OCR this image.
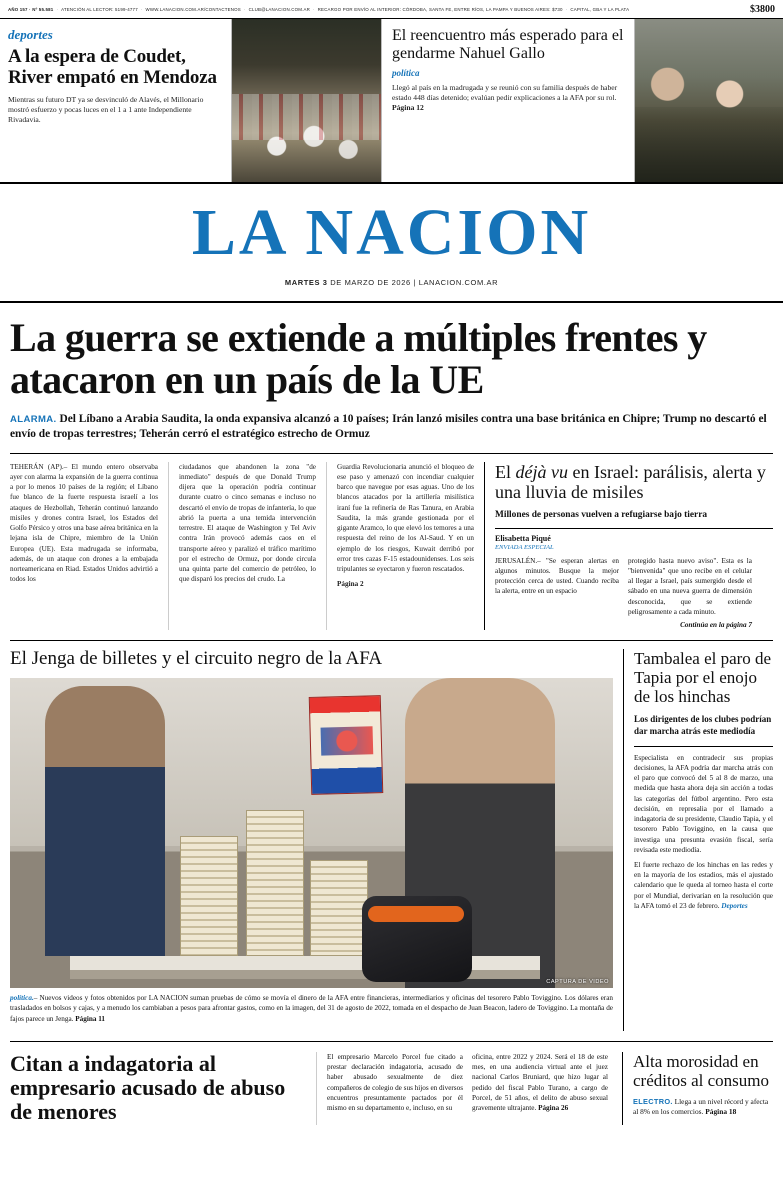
AÑO 157 · Nº 55.581 · ATENCIÓN AL LECTOR: 5199-4777 · WWW.LANACION.COM.AR/CONTACTENOS · CLUB@LANACION.COM.AR · RECARGO POR ENVÍO AL INTERIOR: CÓRDOBA, SANTA FE, ENTRE RÍOS, LA PAMPA Y BUENOS AIRES: $730 · CAPITAL, GBA Y LA PLATA	$3800
deportes
A la espera de Coudet, River empató en Mendoza

Mientras su futuro DT ya se desvinculó de Alavés, el Millonario mostró esfuerzo y pocas luces en el 1 a 1 ante Independiente Rivadavia.

El reencuentro más esperado para el gendarme Nahuel Gallo
política

Llegó al país en la madrugada y se reunió con su familia después de haber estado 448 días detenido; evalúan pedir explicaciones a la AFA por su rol. Página 12

LA NACION
MARTES 3 DE MARZO DE 2026 | LANACION.COM.AR
La guerra se extiende a múltiples frentes y atacaron en un país de la UE

ALARMA. Del Líbano a Arabia Saudita, la onda expansiva alcanzó a 10 países; Irán lanzó misiles contra una base británica en Chipre; Trump no descartó el envío de tropas terrestres; Teherán cerró el estratégico estrecho de Ormuz

TEHERÁN (AP).– El mundo entero observaba ayer con alarma la expansión de la guerra continua a por lo menos 10 países de la región; el Líbano fue blanco de la fuerte respuesta israelí a los ataques de Hezbollah, Teherán continuó lanzando misiles y drones contra Israel, los Estados del Golfo Pérsico y otros una base aérea británica en la lejana isla de Chipre, miembro de la Unión Europea (UE). Esta madrugada se informaba, además, de un ataque con drones a la embajada norteamericana en Riad. Estados Unidos advirtió a todos los

ciudadanos que abandonen la zona "de inmediato" después de que Donald Trump dijera que la operación podría continuar durante cuatro o cinco semanas e incluso no descartó el envío de tropas de infantería, lo que abrió la puerta a una temida intervención terrestre. El ataque de Washington y Tel Aviv contra Irán provocó además caos en el transporte aéreo y paralizó el tráfico marítimo por el estrecho de Ormuz, por donde circula una quinta parte del comercio de petróleo, lo que disparó los precios del crudo. La

Guardia Revolucionaria anunció el bloqueo de ese paso y amenazó con incendiar cualquier barco que navegue por esas aguas. Uno de los blancos atacados por la artillería misilística iraní fue la refinería de Ras Tanura, en Arabia Saudita, la más grande gestionada por el gigante Aramco, lo que elevó los temores a una respuesta del reino de los Al-Saud. Y en un ejemplo de los riesgos, Kuwait derribó por error tres cazas F-15 estadounidenses. Los seis tripulantes se eyectaron y fueron rescatados.

Página 2

El déjà vu en Israel: parálisis, alerta y una lluvia de misiles

Millones de personas vuelven a refugiarse bajo tierra

Elisabetta Piqué
ENVIADA ESPECIAL

JERUSALÉN.– "Se esperan alertas en algunos minutos. Busque la mejor protección cerca de usted. Cuando reciba la alerta, entre en un espacio

protegido hasta nuevo aviso". Esta es la "bienvenida" que uno recibe en el celular al llegar a Israel, país sumergido desde el sábado en una nueva guerra de dimensión desconocida, que se extiende peligrosamente a cada minuto.

Continúa en la página 7

El Jenga de billetes y el circuito negro de la AFA
CAPTURA DE VIDEO

política.– Nuevos videos y fotos obtenidos por LA NACION suman pruebas de cómo se movía el dinero de la AFA entre financieras, intermediarios y oficinas del tesorero Pablo Toviggino. Los dólares eran trasladados en bolsos y cajas, y a menudo los cambiaban a pesos para afrontar gastos, como en la imagen, del 31 de agosto de 2022, tomada en el despacho de Juan Beacon, ladero de Toviggino. La montaña de fajos parece un Jenga. Página 11

Tambalea el paro de Tapia por el enojo de los hinchas

Los dirigentes de los clubes podrían dar marcha atrás este mediodía

Especialista en contradecir sus propias decisiones, la AFA podría dar marcha atrás con el paro que convocó del 5 al 8 de marzo, una medida que hasta ahora deja sin acción a todas las categorías del fútbol argentino. Pero esta decisión, en represalia por el llamado a indagatoria de su presidente, Claudio Tapia, y el tesorero Pablo Toviggino, en la causa que investiga una presunta evasión fiscal, sería revisada este mediodía.

El fuerte rechazo de los hinchas en las redes y en la mayoría de los estadios, más el ajustado calendario que le queda al torneo hasta el corte por el Mundial, derivarían en la resolución que la AFA tomó el 23 de febrero. Deportes

Citan a indagatoria al empresario acusado de abuso de menores

El empresario Marcelo Porcel fue citado a prestar declaración indagatoria, acusado de haber abusado sexualmente de diez compañeros de colegio de sus hijos en diversos encuentros presuntamente pactados por él mismo en su departamento e, incluso, en su

oficina, entre 2022 y 2024. Será el 18 de este mes, en una audiencia virtual ante el juez nacional Carlos Bruniard, que hizo lugar al pedido del fiscal Pablo Turano, a cargo de Porcel, de 51 años, el delito de abuso sexual gravemente ultrajante. Página 26

Alta morosidad en créditos al consumo

ELECTRO. Llega a un nivel récord y afecta al 8% en los comercios. Página 18
